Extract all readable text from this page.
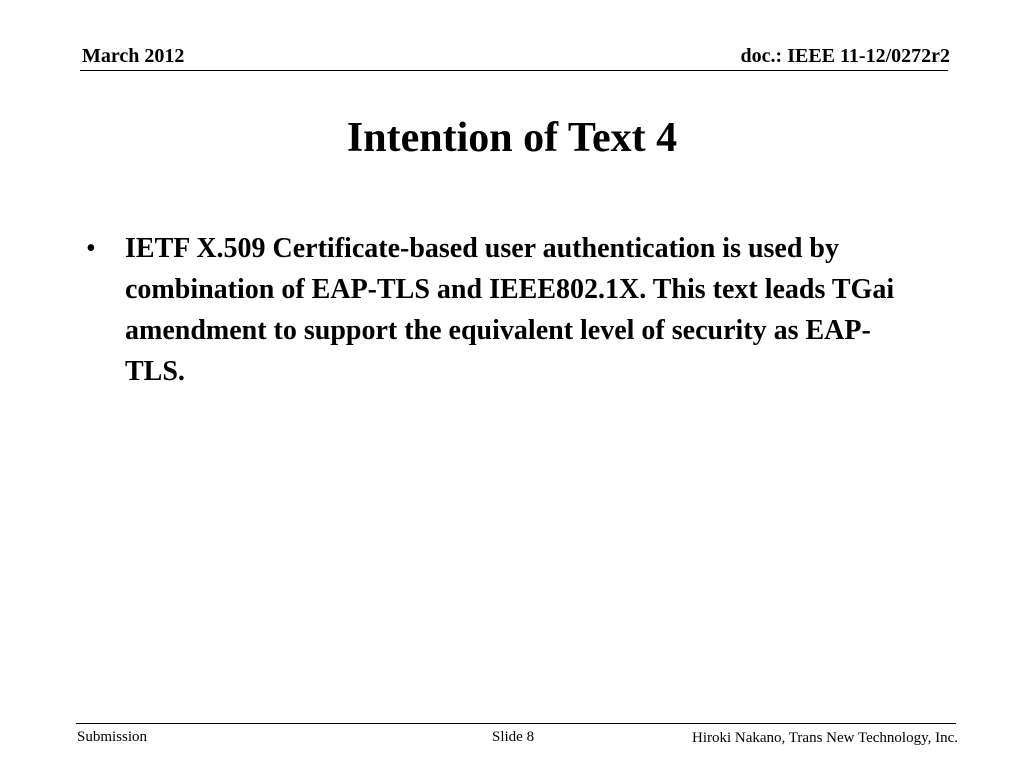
March 2012	doc.: IEEE 11-12/0272r2
Intention of Text 4
• IETF X.509 Certificate-based user authentication is used by combination of EAP-TLS and IEEE802.1X. This text leads TGai amendment to support the equivalent level of security as EAP-TLS.
Submission	Slide 8	Hiroki Nakano, Trans New Technology, Inc.
